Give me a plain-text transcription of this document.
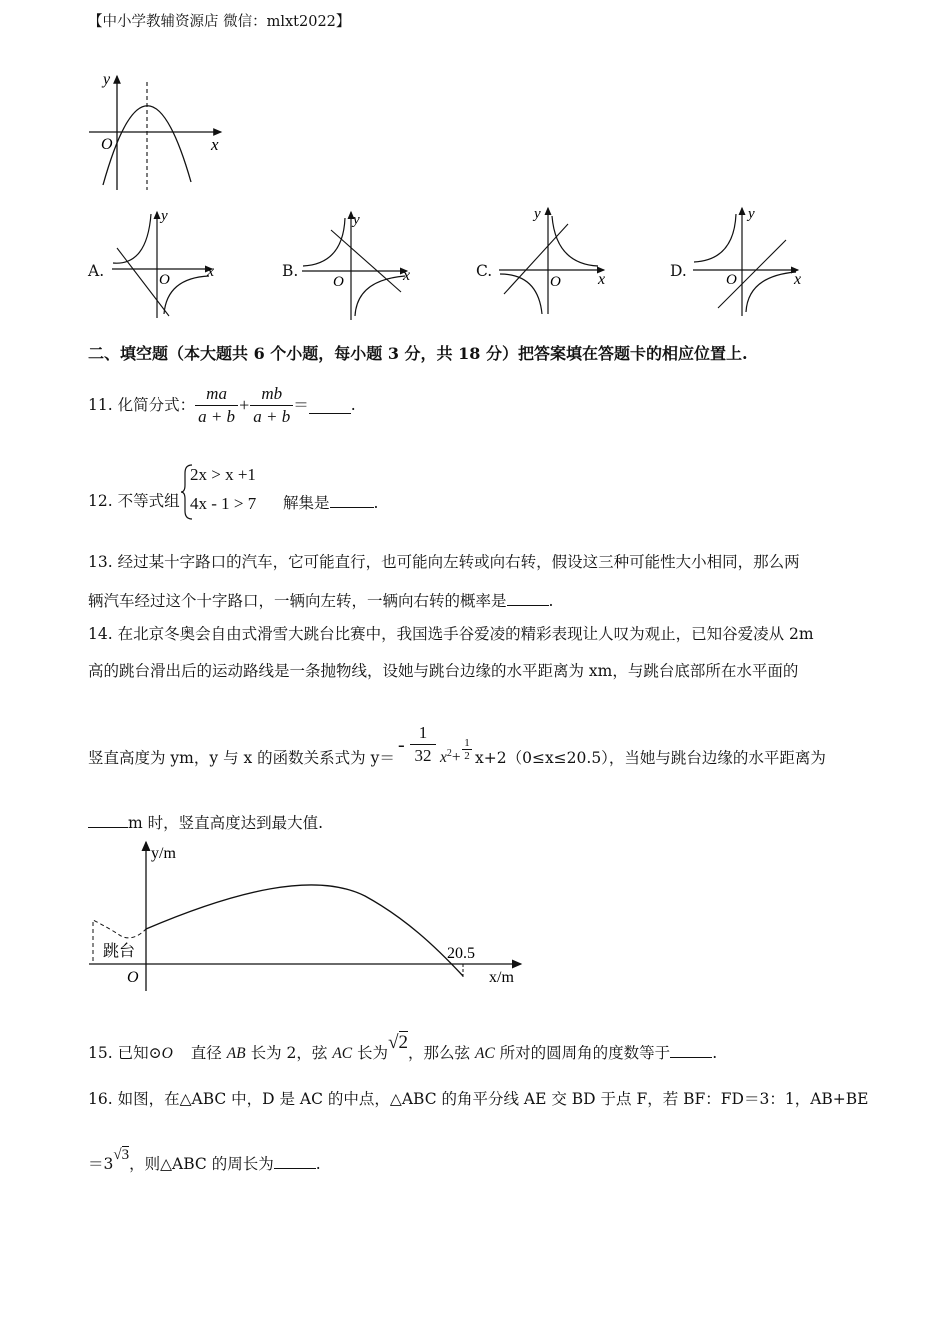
【中小学教辅资源店 微信：mlxt2022】
y
x
O
A.
y
x
O	B.
y
x
O
C.
y
x
O
D.
y
x
O
二、填空题（本大题共 6 个小题，每小题 3 分，共 18 分）把答案填在答题卡的相应位置上.
11. 化简分式： $\frac{ma}{a + b} + \frac{mb}{a + b}$ ＝	.
12. 不等式组
2x > x +1
4x - 1 > 7 解集是	.
13. 经过某十字路口的汽车，它可能直行，也可能向左转或向右转，假设这三种可能性大小相同，那么两
辆汽车经过这个十字路口，一辆向左转，一辆向右转的概率是	.
14. 在北京冬奥会自由式滑雪大跳台比赛中，我国选手谷爱凌的精彩表现让人叹为观止，已知谷爱凌从 2m
高的跳台滑出后的运动路线是一条抛物线，设她与跳台边缘的水平距离为 xm，与跳台底部所在水平面的
竖直高度为 ym，y 与 x 的函数关系式为 y＝
-
1
32 $x^2+$
1
2 x+2（0≤x≤20.5），当她与跳台边缘的水平距离为
m 时，竖直高度达到最大值.
y/m
x/m
O
跳台	20.5
15. 已知⊙O 直径 AB 长为 2，弦 AC 长为√2，那么弦 AC 所对的圆周角的度数等于	.
16. 如图，在△ABC 中，D 是 AC 的中点，△ABC 的角平分线 AE 交 BD 于点 F，若 BF：FD＝3：1，AB+BE
＝3√3，则△ABC 的周长为	.
